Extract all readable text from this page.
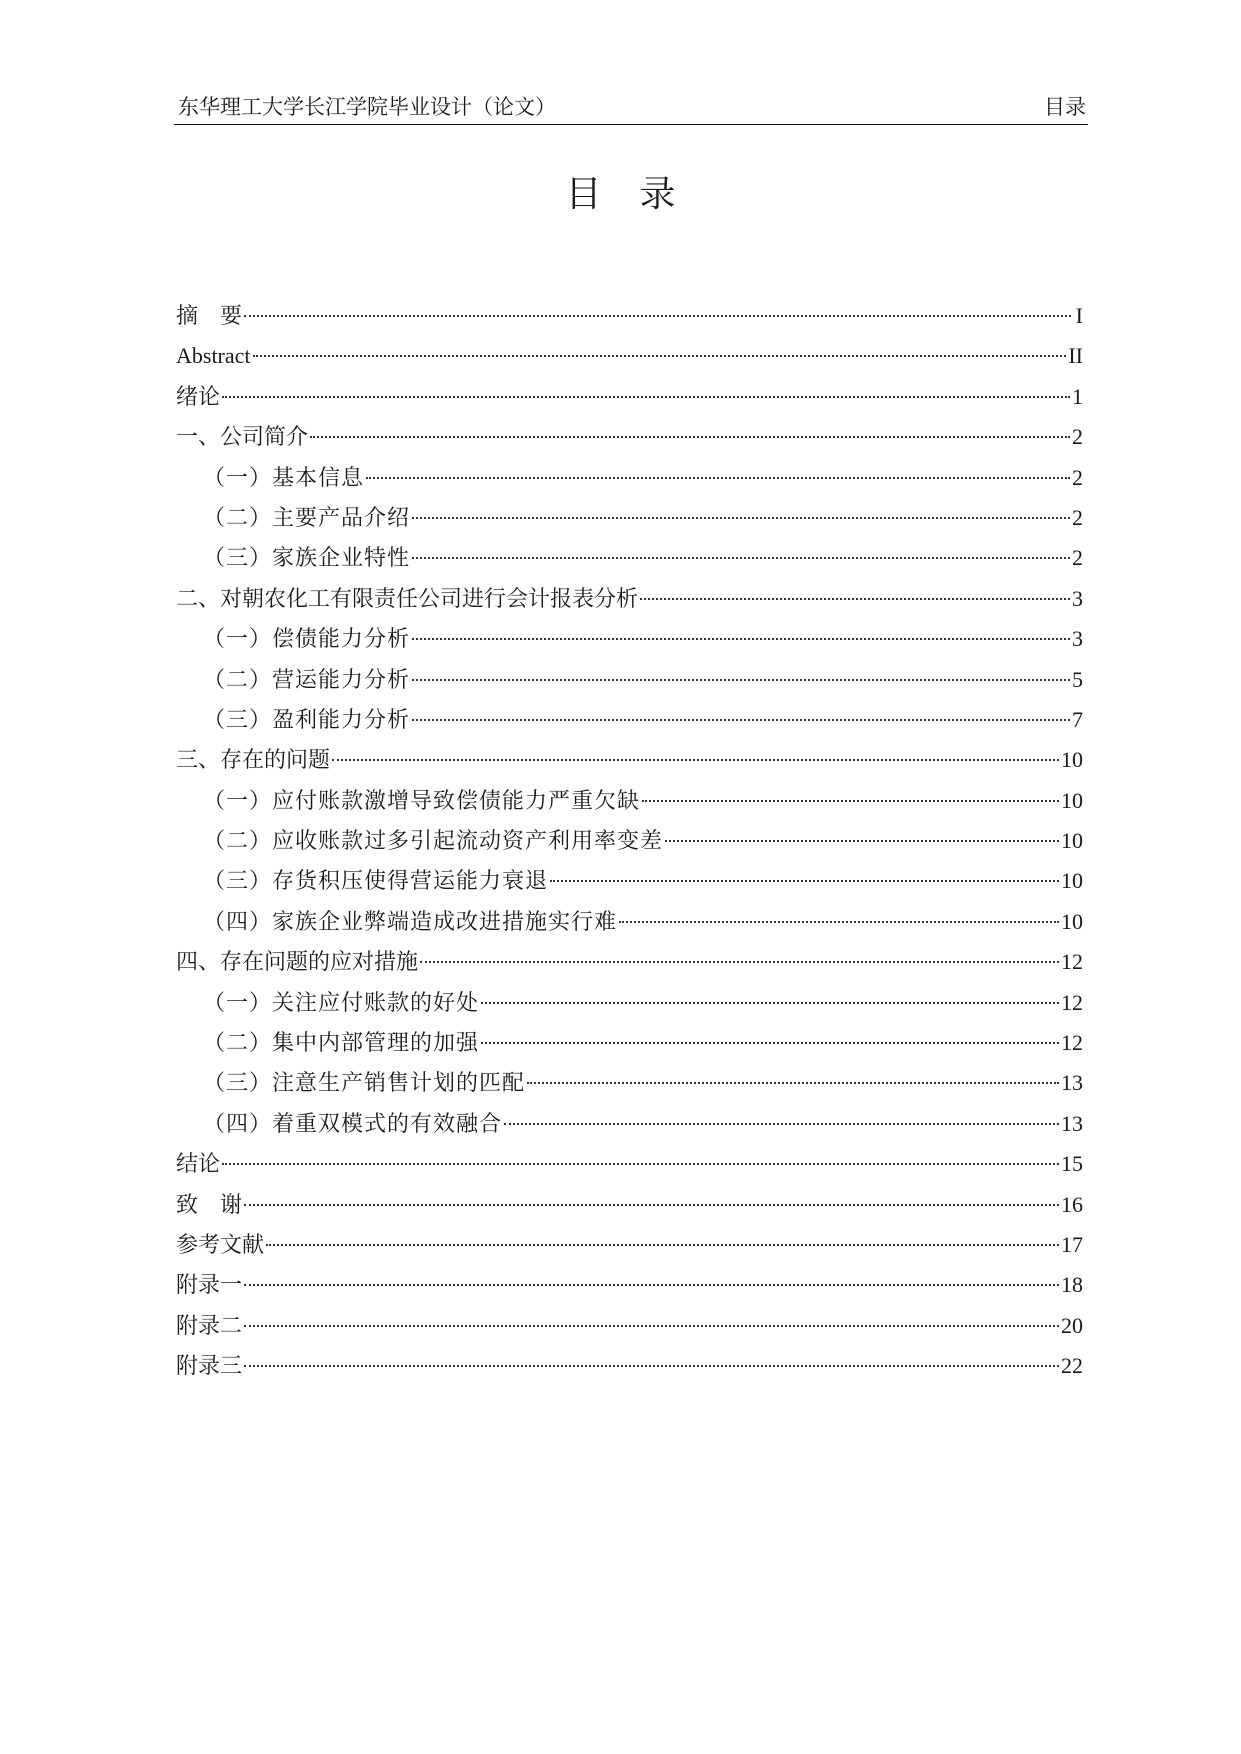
东华理工大学长江学院毕业设计（论文）	目录
目 录
摘　要	I
Abstract	II
绪论	1
一、公司简介	2
（一）基本信息	2
（二）主要产品介绍	2
（三）家族企业特性	2
二、对朝农化工有限责任公司进行会计报表分析	3
（一）偿债能力分析	3
（二）营运能力分析	5
（三）盈利能力分析	7
三、存在的问题	10
（一）应付账款激增导致偿债能力严重欠缺	10
（二）应收账款过多引起流动资产利用率变差	10
（三）存货积压使得营运能力衰退	10
（四）家族企业弊端造成改进措施实行难	10
四、存在问题的应对措施	12
（一）关注应付账款的好处	12
（二）集中内部管理的加强	12
（三）注意生产销售计划的匹配	13
（四）着重双模式的有效融合	13
结论	15
致　谢	16
参考文献	17
附录一	18
附录二	20
附录三	22
